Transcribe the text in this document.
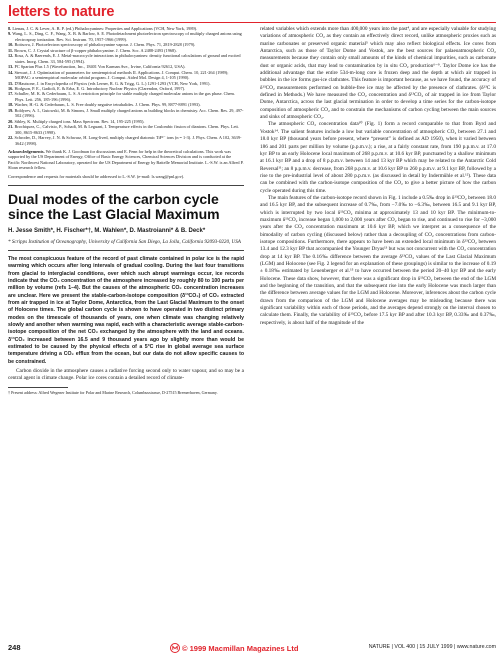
letters to nature

8. Lienau, J. C. & Lever, A. B. P. (ed.) Phthalocyanines: Properties and Applications (VCH, New York, 1989).

9. Wang, L. S., Ding, C. F., Wang, X. B. & Barlow, S. E. Photodetachment photoelectron spectroscopy of multiply charged anions using electrospray ionization. Rev. Sci. Instrum. 70, 1957-1966 (1999).

10. Boitsova, J. Photoelectron spectroscopy of phthalocyanine vapour. J. Chem. Phys. 71, 2819-2828 (1979).

11. Brown, C. J. Crystal structure of β-copper phthalocyanine. J. Chem. Soc. A 2488-2493 (1968).

12. Rosa, A. & Baerends, E. J. Metal-macrocycle interactions in phthalocyanines: density functional calculations of ground and excited states. Inorg. Chem. 33, 584-595 (1994).

13. PC Spartan Plus 1.5 (Wavefunction, Inc., 18401 Von Karman Ave., Irvine, California 92612, USA).

14. Stewart, J. J. Optimization of parameters for semiempirical methods II. Applications. J. Comput. Chem. 10, 221-264 (1989); MOPAC: a semiempirical molecular orbital program. J. Comput. Aided Mol. Design 4, 1-105 (1990).

15. D'Hautsone, J. in Encyclopedia of Physics (eds Lerner, R. G. & Trigg, G. L.) 1291-1293 (VCH, New York, 1991).

16. Hodgson, P. E., Gadioli, E. & Erba, E. G. Introductory Nuclear Physics (Clarendon, Oxford, 1997).

17. Schuller, M. K. & Cederbaum, L. S. A restriction principle for stable multiply charged molecular anions in the gas phase. Chem. Phys. Lett. 256, 185-196 (1996).

18. Wacher, H.-G. & Cederbaum, L. S. Free doubly negative tetrahalides. J. Chem. Phys. 99, 8877-8891 (1993).

19. Boldyrev, A. I., Gutowski, M. & Simons, J. Small multiply charged anions as building blocks in chemistry. Acc. Chem. Res. 29, 497-502 (1996).

20. Sibley, K. Multiply charged ions. Mass Spectrom. Rev. 14, 195-225 (1995).

21. Brochiquez, C., Calvisio, P., Schadt, M. & Leguant, I. Temperature effects in the Coulombic fission of dianions. Chem. Phys. Lett. 300, 8615-8633 (1998).

22. Schroder, D., Harvey, J. N. & Schwarz, H. Long-lived, multiply charged diatomic TiF³⁻ ions (n = 1-3). J. Phys. Chem. A 102, 3639-3642 (1998).

Acknowledgements. We thank K. J. Goodman for discussions and E. Fenn for help in the theoretical calculations. This work was supported by the US Department of Energy, Office of Basic Energy Sciences, Chemical Sciences Division and is conducted at the Pacific Northwest National Laboratory, operated for the US Department of Energy by Battelle Memorial Institute. L.-S.W. is an Alfred P. Sloan research fellow.

Correspondence and requests for materials should be addressed to L.-S.W. (e-mail: ls.wang@pnl.gov).

Dual modes of the carbon cycle since the Last Glacial Maximum
H. Jesse Smith*, H. Fischer*†, M. Wahlen*, D. Mastroianni* & B. Deck*
* Scripps Institution of Oceanography, University of California San Diego, La Jolla, California 92093-0220, USA

The most conspicuous feature of the record of past climate contained in polar ice is the rapid warming which occurs after long intervals of gradual cooling. During the last four transitions from glacial to interglacial conditions, over which such abrupt warmings occur, ice records indicate that the CO₂ concentration of the atmosphere increased by roughly 80 to 100 parts per million by volume (refs 1–4). But the causes of the atmospheric CO₂ concentration increases are unclear. Here we present the stable-carbon-isotope composition (δ¹³CO₂) of CO₂ extracted from air trapped in ice at Taylor Dome, Antarctica, from the Last Glacial Maximum to the onset of Holocene times. The global carbon cycle is shown to have operated in two distinct primary modes on the timescale of thousands of years, one when climate was changing relatively slowly and another when warming was rapid, each with a characteristic average stable-carbon-isotope composition of the net CO₂ exchanged by the atmosphere with the land and oceans. δ¹³CO₂ increased between 16.5 and 9 thousand years ago by slightly more than would be estimated to be caused by the physical effects of a 5°C rise in global average sea surface temperature driving a CO₂ efflux from the ocean, but our data do not allow specific causes to be constrained.

Carbon dioxide in the atmosphere causes a radiative forcing second only to water vapour, and so may be a central agent in climate change. Polar ice cores contain a detailed record of climate-

† Present address: Alfred Wegener Institute for Polar and Marine Research, Columbusstrasse, D-27515 Bremerhaven, Germany.

related variables which extends more than 400,000 years into the past⁴, and are especially valuable for studying variations of atmospheric CO₂ as they contain an effectively direct record, unlike atmospheric proxies such as marine carbonates or preserved organic material⁵ which may also reflect biological effects. Ice cores from Antarctica, such as those of Taylor Dome and Vostok, are the best sources for palaeoatmospheric CO₂ measurements because they contain only small amounts of the kinds of chemical impurities, such as carbonate dust or organic acids, that may lead to contamination by in situ CO₂ production⁶⁻⁹. Taylor Dome ice has the additional advantage that the entire 534-m-long core is frozen deep and the depth at which air trapped in bubbles in the ice forms gas-ice clathrates. This feature is important because, as we have found, the accuracy of δ¹³CO₂ measurements performed on bubble-free ice may be affected by the presence of clathrates. (δ¹³C is defined in Methods.) We have measured the CO₂ concentration and δ¹³CO₂ of air trapped in ice from Taylor Dome, Antarctica, across the last glacial termination in order to develop a time series for the carbon-isotope composition of atmospheric CO₂ and to constrain the mechanisms of carbon cycling between the main sources and sinks of atmospheric CO₂.

The atmospheric CO₂ concentration data¹⁰ (Fig. 1) form a record comparable to that from Byrd and Vostok¹⁴. The salient features include a low but variable concentration of atmospheric CO₂ between 27.1 and 18.0 kyr BP (thousand years before present, where “present” is defined as AD 1950), when it varied between 186 and 201 parts per million by volume (p.p.m.v.); a rise, at a fairly constant rate, from 190 p.p.m.v. at 17.0 kyr BP to an early Holocene local maximum of 268 p.p.m.v. at 10.6 kyr BP, punctuated by a shallow minimum at 16.1 kyr BP and a drop of 8 p.p.m.v. between 14 and 13 kyr BP which may be related to the Antarctic Cold Reversal¹¹; an 8 p.p.m.v. decrease, from 268 p.p.m.v. at 10.6 kyr BP to 260 p.p.m.v. at 9.1 kyr BP, followed by a rise to the pre-industrial level of about 280 p.p.m.v. (as discussed in detail by Indermühle et al.¹²). These data can be combined with the carbon-isotope composition of the CO₂ to give a better picture of how the carbon cycle operated during this time.

The main features of the carbon-isotope record shown in Fig. 1 include a 0.5‰ drop in δ¹³CO₂ between 18.0 and 16.5 kyr BP, and the subsequent increase of 0.7‰, from −7.0‰ to −6.3‰, between 16.5 and 9.1 kyr BP, which is interrupted by two local δ¹³CO₂ minima at approximately 13 and 10 kyr BP. The minimum-to-maximum δ¹³CO₂ increase began 1,000 to 2,000 years after CO₂ began to rise, and continued to rise for ~3,000 years after the CO₂ concentration maximum at 10.6 kyr BP, which we interpret as a consequence of the bimodality of carbon cycling (discussed below) rather than a decoupling of CO₂ concentrations from carbon-isotope compositions. Furthermore, there appears to have been an extended local minimum in δ¹³CO₂ between 13.4 and 12.3 kyr BP that accompanied the Younger Dryas¹³ but was not concurrent with the CO₂ concentration drop at 14 kyr BP. The 0.16‰ difference between the average δ¹³CO₂ values of the Last Glacial Maximum (LGM) and Holocene (see Fig. 2 legend for an explanation of these groupings) is similar to the increase of 0.19 ± 0.18‰ estimated by Leuenberger et al.¹⁵ to have occurred between the period 20–40 kyr BP and the early Holocene. These data show, however, that there was a significant drop in δ¹³CO₂ between the end of the LGM and the beginning of the transition, and that the subsequent rise into the early Holocene was much larger than the difference between average values for the LGM and Holocene. Moreover, inferences about the carbon cycle drawn from the comparison of the LGM and Holocene averages may be misleading because there was significant variability within each of those periods, and the averages depend strongly on the interval chosen to calculate them. Finally, the variability of δ¹³CO₂ before 17.5 kyr BP and after 10.3 kyr BP, 0.33‰ and 0.37‰, respectively, is about half of the magnitude of the

248	© 1999 Macmillan Magazines Ltd	NATURE | VOL 400 | 15 JULY 1999 | www.nature.com
